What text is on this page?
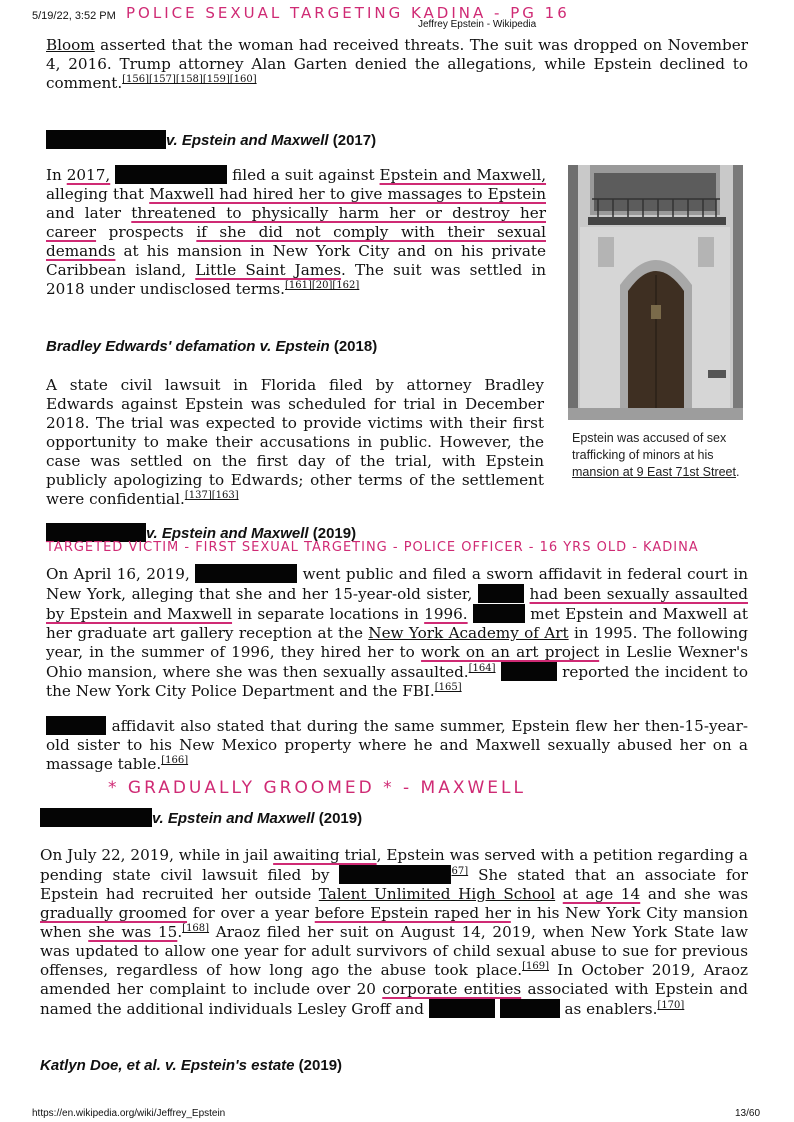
5/19/22, 3:52 PM
Jeffrey Epstein - Wikipedia
POLICE SEXUAL TARGETING KADINA - PG 16

Bloom asserted that the woman had received threats. The suit was dropped on November 4, 2016. Trump attorney Alan Garten denied the allegations, while Epstein declined to comment.[156][157][158][159][160]

v. Epstein and Maxwell (2017)

In 2017,	filed a suit against Epstein and Maxwell, alleging that Maxwell had hired her to give massages to Epstein and later threatened to physically harm her or destroy her career prospects if she did not comply with their sexual demands at his mansion in New York City and on his private Caribbean island, Little Saint James. The suit was settled in 2018 under undisclosed terms.[161][20][162]

Epstein was accused of sex trafficking of minors at his mansion at 9 East 71st Street.
Bradley Edwards' defamation v. Epstein (2018)

A state civil lawsuit in Florida filed by attorney Bradley Edwards against Epstein was scheduled for trial in December 2018. The trial was expected to provide victims with their first opportunity to make their accusations in public. However, the case was settled on the first day of the trial, with Epstein publicly apologizing to Edwards; other terms of the settlement were confidential.[137][163]

v. Epstein and Maxwell (2019)
TARGETED VICTIM - FIRST SEXUAL TARGETING - POLICE OFFICER - 16 YRS OLD - KADINA

On April 16, 2019,	went public and filed a sworn affidavit in federal court in New York, alleging that she and her 15-year-old sister,	had been sexually assaulted by Epstein and Maxwell in separate locations in 1996.	met Epstein and Maxwell at her graduate art gallery reception at the New York Academy of Art in 1995. The following year, in the summer of 1996, they hired her to work on an art project in Leslie Wexner's Ohio mansion, where she was then sexually assaulted.[164]	reported the incident to the New York City Police Department and the FBI.[165]

affidavit also stated that during the same summer, Epstein flew her then-15-year-old sister to his New Mexico property where he and Maxwell sexually abused her on a massage table.[166]

* GRADUALLY GROOMED * - MAXWELL
v. Epstein and Maxwell (2019)

On July 22, 2019, while in jail awaiting trial, Epstein was served with a petition regarding a pending state civil lawsuit filed by	$^{67]}$ She stated that an associate for Epstein had recruited her outside Talent Unlimited High School at age 14 and she was gradually groomed for over a year before Epstein raped her in his New York City mansion when she was 15.[168] Araoz filed her suit on August 14, 2019, when New York State law was updated to allow one year for adult survivors of child sexual abuse to sue for previous offenses, regardless of how long ago the abuse took place.[169] In October 2019, Araoz amended her complaint to include over 20 corporate entities associated with Epstein and named the additional individuals Lesley Groff and	as enablers.[170]

Katlyn Doe, et al. v. Epstein's estate (2019)
https://en.wikipedia.org/wiki/Jeffrey_Epstein	13/60
